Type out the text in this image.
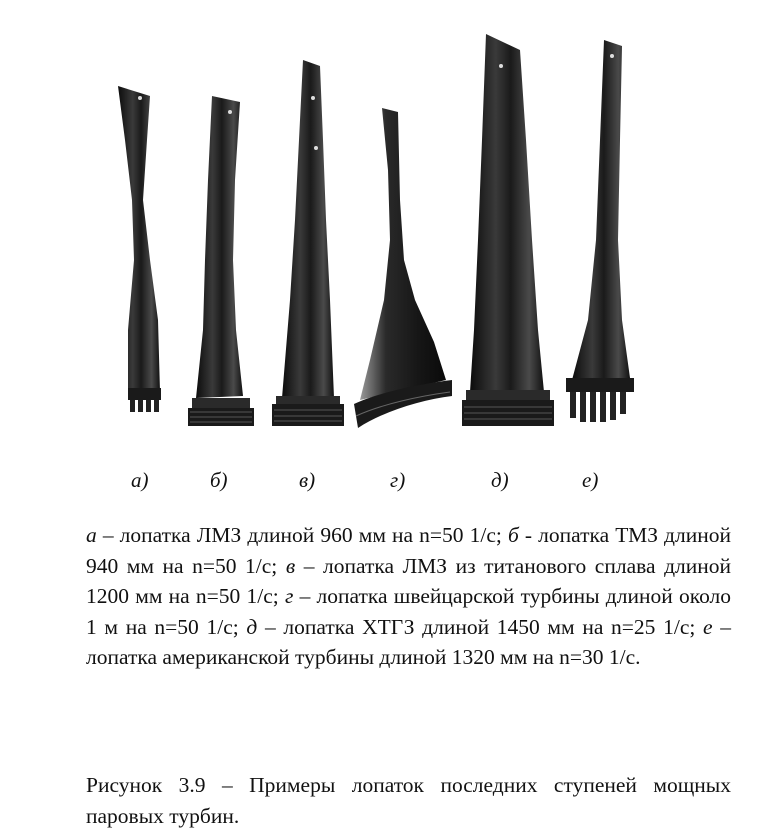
а)	б)	в)	г)	д)	е)
а – лопатка ЛМЗ длиной 960 мм на n=50 1/с; б - лопатка ТМЗ длиной 940 мм на n=50 1/с; в – лопатка ЛМЗ из титанового сплава длиной 1200 мм на n=50 1/с; г – лопатка швейцарской турбины длиной около 1 м на n=50 1/с; д – лопатка ХТГЗ длиной 1450 мм на n=25 1/с; е – лопатка американской турбины длиной 1320 мм на n=30 1/с.
Рисунок 3.9 – Примеры лопаток последних ступеней мощных паровых турбин.
